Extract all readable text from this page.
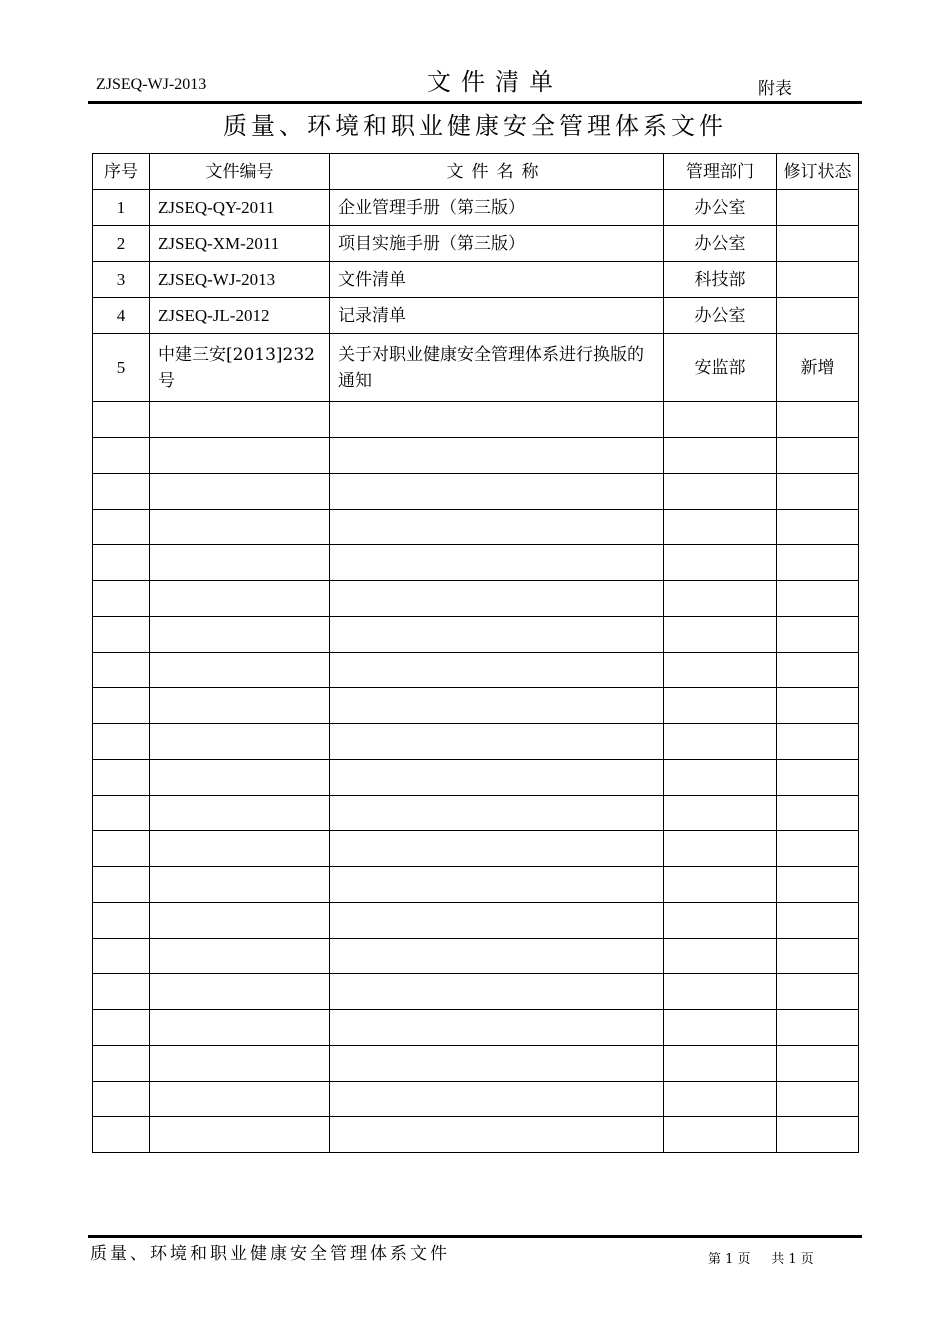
ZJSEQ-WJ-2013	文件清单	附表
质量、环境和职业健康安全管理体系文件
序号	文件编号	文件名称	管理部门	修订状态
1	ZJSEQ-QY-2011	企业管理手册（第三版）	办公室	
2	ZJSEQ-XM-2011	项目实施手册（第三版）	办公室	
3	ZJSEQ-WJ-2013	文件清单	科技部	
4	ZJSEQ-JL-2012	记录清单	办公室	
5	中建三安[2013]232号	关于对职业健康安全管理体系进行换版的通知	安监部	新增

质量、环境和职业健康安全管理体系文件	第 1 页 共 1 页
